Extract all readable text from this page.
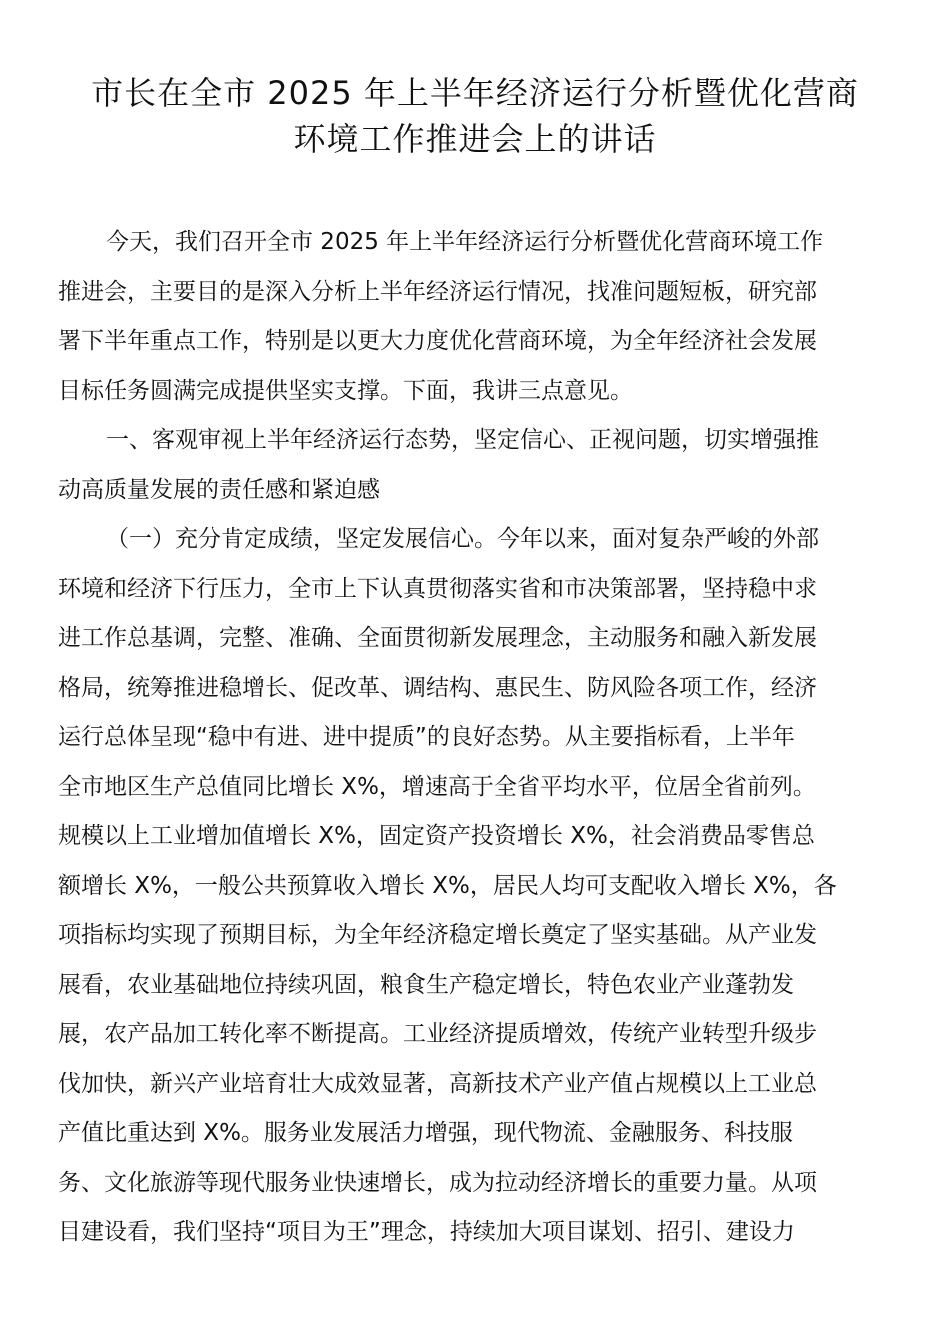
市长在全市 2025 年上半年经济运行分析暨优化营商
环境工作推进会上的讲话
今天，我们召开全市 2025 年上半年经济运行分析暨优化营商环境工作
推进会，主要目的是深入分析上半年经济运行情况，找准问题短板，研究部
署下半年重点工作，特别是以更大力度优化营商环境，为全年经济社会发展
目标任务圆满完成提供坚实支撑。下面，我讲三点意见。
一、客观审视上半年经济运行态势，坚定信心、正视问题，切实增强推
动高质量发展的责任感和紧迫感
（一）充分肯定成绩，坚定发展信心。今年以来，面对复杂严峻的外部
环境和经济下行压力，全市上下认真贯彻落实省和市决策部署，坚持稳中求
进工作总基调，完整、准确、全面贯彻新发展理念，主动服务和融入新发展
格局，统筹推进稳增长、促改革、调结构、惠民生、防风险各项工作，经济
运行总体呈现“稳中有进、进中提质”的良好态势。从主要指标看，上半年
全市地区生产总值同比增长 X%，增速高于全省平均水平，位居全省前列。
规模以上工业增加值增长 X%，固定资产投资增长 X%，社会消费品零售总
额增长 X%，一般公共预算收入增长 X%，居民人均可支配收入增长 X%，各
项指标均实现了预期目标，为全年经济稳定增长奠定了坚实基础。从产业发
展看，农业基础地位持续巩固，粮食生产稳定增长，特色农业产业蓬勃发
展，农产品加工转化率不断提高。工业经济提质增效，传统产业转型升级步
伐加快，新兴产业培育壮大成效显著，高新技术产业产值占规模以上工业总
产值比重达到 X%。服务业发展活力增强，现代物流、金融服务、科技服
务、文化旅游等现代服务业快速增长，成为拉动经济增长的重要力量。从项
目建设看，我们坚持“项目为王”理念，持续加大项目谋划、招引、建设力
